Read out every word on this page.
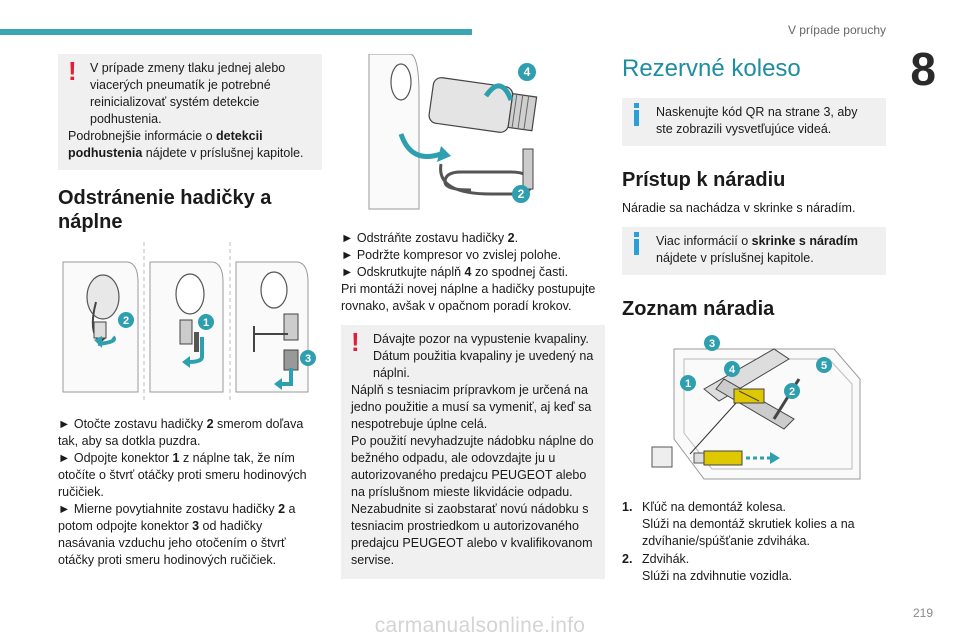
V prípade poruchy
8
!	V prípade zmeny tlaku jednej alebo viacerých pneumatík je potrebné reinicializovať systém detekcie podhustenia.
Podrobnejšie informácie o detekcii podhustenia nájdete v príslušnej kapitole.
Odstránenie hadičky a náplne
2	1
3

► Otočte zostavu hadičky 2 smerom doľava tak, aby sa dotkla puzdra.

► Odpojte konektor 1 z náplne tak, že ním otočíte o štvrť otáčky proti smeru hodinových ručičiek.

► Mierne povytiahnite zostavu hadičky 2 a potom odpojte konektor 3 od hadičky nasávania vzduchu jeho otočením o štvrť otáčky proti smeru hodinových ručičiek.

4
2

► Odstráňte zostavu hadičky 2.

► Podržte kompresor vo zvislej polohe.

► Odskrutkujte náplň 4 zo spodnej časti.

Pri montáži novej náplne a hadičky postupujte rovnako, avšak v opačnom poradí krokov.

!	Dávajte pozor na vypustenie kvapaliny. Dátum použitia kvapaliny je uvedený na náplni.
Náplň s tesniacim prípravkom je určená na jedno použitie a musí sa vymeniť, aj keď sa nespotrebuje úplne celá.
Po použití nevyhadzujte nádobku náplne do bežného odpadu, ale odovzdajte ju u autorizovaného predajcu PEUGEOT alebo na príslušnom mieste likvidácie odpadu.
Nezabudnite si zaobstarať novú nádobku s tesniacim prostriedkom u autorizovaného predajcu PEUGEOT alebo v kvalifikovanom servise.
Rezervné koleso
Naskenujte kód QR na strane 3, aby ste zobrazili vysvetľujúce videá.
Prístup k náradiu

Náradie sa nachádza v skrinke s náradím.

Viac informácií o skrinke s náradím nájdete v príslušnej kapitole.
Zoznam náradia
3
4	5
1
2
1. Kľúč na demontáž kolesa.
Slúži na demontáž skrutiek kolies a na zdvíhanie/spúšťanie zdviháka.
2. Zdvihák.
Slúži na zdvihnutie vozidla.
219
carmanualsonline.info
